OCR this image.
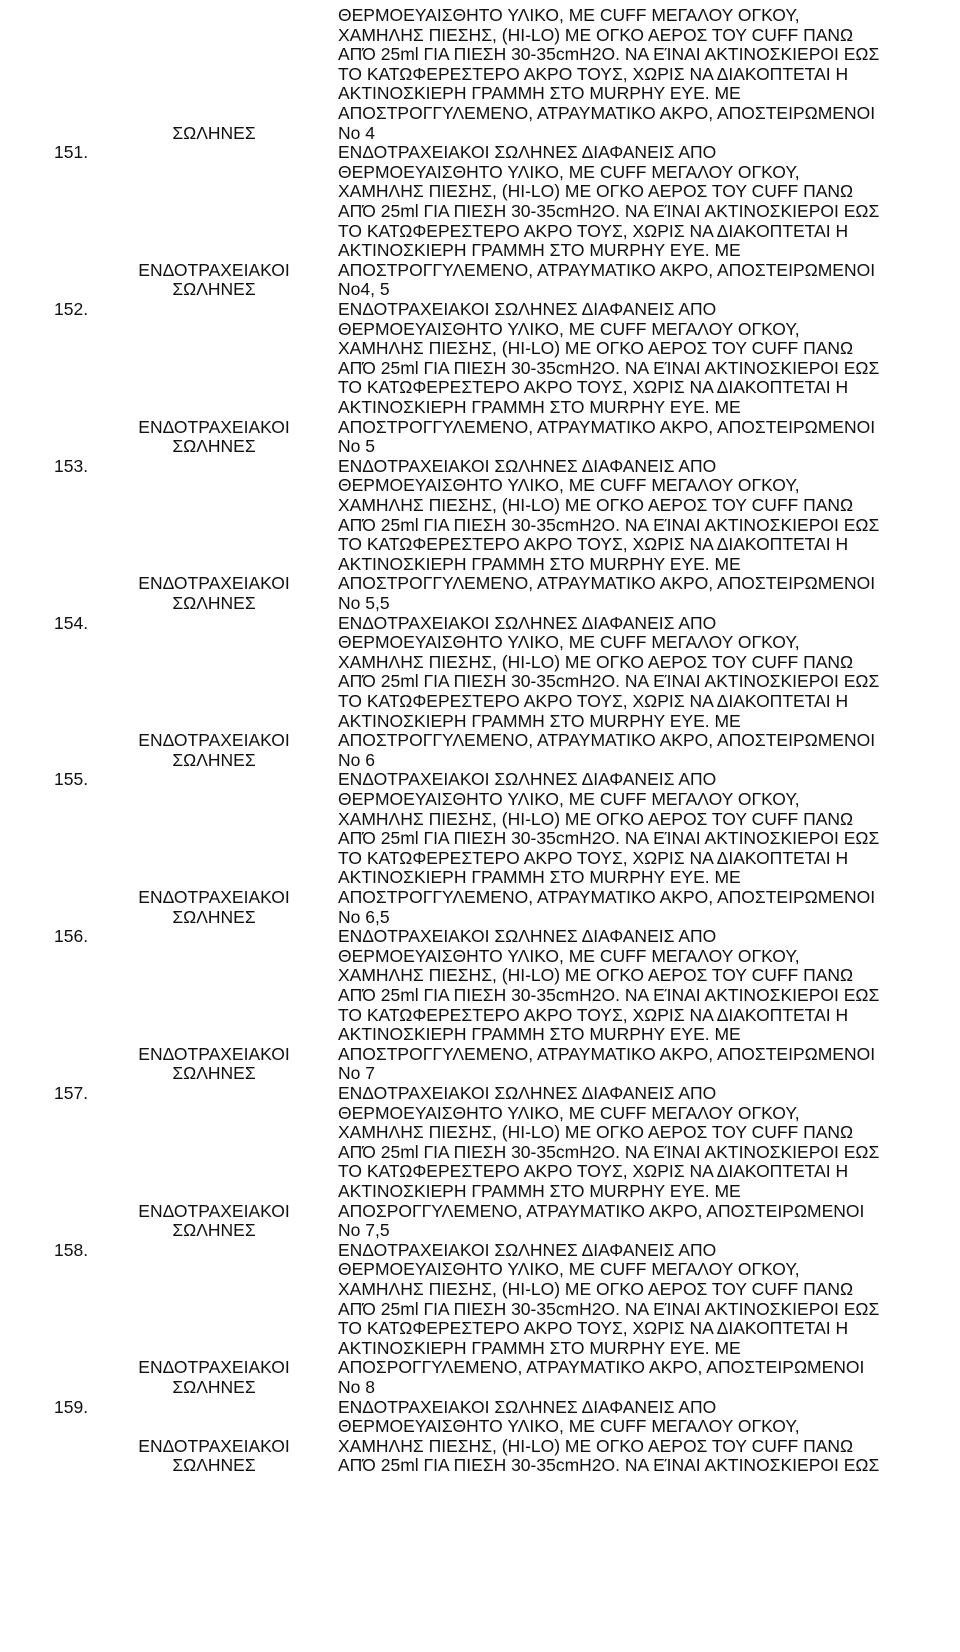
ΣΩΛΗΝΕΣ
ΘΕΡΜΟΕΥΑΙΣΘΗΤΟ ΥΛΙΚΟ, ΜΕ CUFF ΜΕΓΑΛΟΥ ΟΓΚΟΥ,
ΧΑΜΗΛΗΣ ΠΙΕΣΗΣ, (HI-LO) ΜΕ ΟΓΚΟ ΑΕΡΟΣ ΤΟΥ CUFF ΠΑΝΩ
ΑΠΌ 25ml ΓΙΑ ΠΙΕΣΗ 30-35cmH2O. ΝΑ ΕΊΝΑΙ ΑΚΤΙΝΟΣΚΙΕΡΟΙ ΕΩΣ
ΤΟ ΚΑΤΩΦΕΡΕΣΤΕΡΟ ΑΚΡΟ ΤΟΥΣ, ΧΩΡΙΣ ΝΑ ΔΙΑΚΟΠΤΕΤΑΙ Η
ΑΚΤΙΝΟΣΚΙΕΡΗ ΓΡΑΜΜΗ ΣΤΟ MURPHY EYE. ΜΕ
ΑΠΟΣΤΡΟΓΓΥΛΕΜΕΝΟ, ΑΤΡΑΥΜΑΤΙΚΟ ΑΚΡΟ, ΑΠΟΣΤΕΙΡΩΜΕΝΟΙ
Νο 4
151.
ΕΝΔΟΤΡΑΧΕΙΑΚΟΙ
ΣΩΛΗΝΕΣ
ΕΝΔΟΤΡΑΧΕΙΑΚΟΙ ΣΩΛΗΝΕΣ ΔΙΑΦΑΝΕΙΣ ΑΠΟ
ΘΕΡΜΟΕΥΑΙΣΘΗΤΟ ΥΛΙΚΟ, ΜΕ CUFF ΜΕΓΑΛΟΥ ΟΓΚΟΥ,
ΧΑΜΗΛΗΣ ΠΙΕΣΗΣ, (HI-LO) ΜΕ ΟΓΚΟ ΑΕΡΟΣ ΤΟΥ CUFF ΠΑΝΩ
ΑΠΌ 25ml ΓΙΑ ΠΙΕΣΗ 30-35cmH2O. ΝΑ ΕΊΝΑΙ ΑΚΤΙΝΟΣΚΙΕΡΟΙ ΕΩΣ
ΤΟ ΚΑΤΩΦΕΡΕΣΤΕΡΟ ΑΚΡΟ ΤΟΥΣ, ΧΩΡΙΣ ΝΑ ΔΙΑΚΟΠΤΕΤΑΙ Η
ΑΚΤΙΝΟΣΚΙΕΡΗ ΓΡΑΜΜΗ ΣΤΟ MURPHY EYE. ΜΕ
ΑΠΟΣΤΡΟΓΓΥΛΕΜΕΝΟ, ΑΤΡΑΥΜΑΤΙΚΟ ΑΚΡΟ, ΑΠΟΣΤΕΙΡΩΜΕΝΟΙ
Νο4, 5
152.
ΕΝΔΟΤΡΑΧΕΙΑΚΟΙ
ΣΩΛΗΝΕΣ
ΕΝΔΟΤΡΑΧΕΙΑΚΟΙ ΣΩΛΗΝΕΣ ΔΙΑΦΑΝΕΙΣ ΑΠΟ
ΘΕΡΜΟΕΥΑΙΣΘΗΤΟ ΥΛΙΚΟ, ΜΕ CUFF ΜΕΓΑΛΟΥ ΟΓΚΟΥ,
ΧΑΜΗΛΗΣ ΠΙΕΣΗΣ, (HI-LO) ΜΕ ΟΓΚΟ ΑΕΡΟΣ ΤΟΥ CUFF ΠΑΝΩ
ΑΠΌ 25ml ΓΙΑ ΠΙΕΣΗ 30-35cmH2O. ΝΑ ΕΊΝΑΙ ΑΚΤΙΝΟΣΚΙΕΡΟΙ ΕΩΣ
ΤΟ ΚΑΤΩΦΕΡΕΣΤΕΡΟ ΑΚΡΟ ΤΟΥΣ, ΧΩΡΙΣ ΝΑ ΔΙΑΚΟΠΤΕΤΑΙ Η
ΑΚΤΙΝΟΣΚΙΕΡΗ ΓΡΑΜΜΗ ΣΤΟ MURPHY EYE. ΜΕ
ΑΠΟΣΤΡΟΓΓΥΛΕΜΕΝΟ, ΑΤΡΑΥΜΑΤΙΚΟ ΑΚΡΟ, ΑΠΟΣΤΕΙΡΩΜΕΝΟΙ
Νο 5
153.
ΕΝΔΟΤΡΑΧΕΙΑΚΟΙ
ΣΩΛΗΝΕΣ
ΕΝΔΟΤΡΑΧΕΙΑΚΟΙ ΣΩΛΗΝΕΣ ΔΙΑΦΑΝΕΙΣ ΑΠΟ
ΘΕΡΜΟΕΥΑΙΣΘΗΤΟ ΥΛΙΚΟ, ΜΕ CUFF ΜΕΓΑΛΟΥ ΟΓΚΟΥ,
ΧΑΜΗΛΗΣ ΠΙΕΣΗΣ, (HI-LO) ΜΕ ΟΓΚΟ ΑΕΡΟΣ ΤΟΥ CUFF ΠΑΝΩ
ΑΠΌ 25ml ΓΙΑ ΠΙΕΣΗ 30-35cmH2O. ΝΑ ΕΊΝΑΙ ΑΚΤΙΝΟΣΚΙΕΡΟΙ ΕΩΣ
ΤΟ ΚΑΤΩΦΕΡΕΣΤΕΡΟ ΑΚΡΟ ΤΟΥΣ, ΧΩΡΙΣ ΝΑ ΔΙΑΚΟΠΤΕΤΑΙ Η
ΑΚΤΙΝΟΣΚΙΕΡΗ ΓΡΑΜΜΗ ΣΤΟ MURPHY EYE. ΜΕ
ΑΠΟΣΤΡΟΓΓΥΛΕΜΕΝΟ, ΑΤΡΑΥΜΑΤΙΚΟ ΑΚΡΟ, ΑΠΟΣΤΕΙΡΩΜΕΝΟΙ
Νο 5,5
154.
ΕΝΔΟΤΡΑΧΕΙΑΚΟΙ
ΣΩΛΗΝΕΣ
ΕΝΔΟΤΡΑΧΕΙΑΚΟΙ ΣΩΛΗΝΕΣ ΔΙΑΦΑΝΕΙΣ ΑΠΟ
ΘΕΡΜΟΕΥΑΙΣΘΗΤΟ ΥΛΙΚΟ, ΜΕ CUFF ΜΕΓΑΛΟΥ ΟΓΚΟΥ,
ΧΑΜΗΛΗΣ ΠΙΕΣΗΣ, (HI-LO) ΜΕ ΟΓΚΟ ΑΕΡΟΣ ΤΟΥ CUFF ΠΑΝΩ
ΑΠΌ 25ml ΓΙΑ ΠΙΕΣΗ 30-35cmH2O. ΝΑ ΕΊΝΑΙ ΑΚΤΙΝΟΣΚΙΕΡΟΙ ΕΩΣ
ΤΟ ΚΑΤΩΦΕΡΕΣΤΕΡΟ ΑΚΡΟ ΤΟΥΣ, ΧΩΡΙΣ ΝΑ ΔΙΑΚΟΠΤΕΤΑΙ Η
ΑΚΤΙΝΟΣΚΙΕΡΗ ΓΡΑΜΜΗ ΣΤΟ MURPHY EYE. ΜΕ
ΑΠΟΣΤΡΟΓΓΥΛΕΜΕΝΟ, ΑΤΡΑΥΜΑΤΙΚΟ ΑΚΡΟ, ΑΠΟΣΤΕΙΡΩΜΕΝΟΙ
Νο 6
155.
ΕΝΔΟΤΡΑΧΕΙΑΚΟΙ
ΣΩΛΗΝΕΣ
ΕΝΔΟΤΡΑΧΕΙΑΚΟΙ ΣΩΛΗΝΕΣ ΔΙΑΦΑΝΕΙΣ ΑΠΟ
ΘΕΡΜΟΕΥΑΙΣΘΗΤΟ ΥΛΙΚΟ, ΜΕ CUFF ΜΕΓΑΛΟΥ ΟΓΚΟΥ,
ΧΑΜΗΛΗΣ ΠΙΕΣΗΣ, (HI-LO) ΜΕ ΟΓΚΟ ΑΕΡΟΣ ΤΟΥ CUFF ΠΑΝΩ
ΑΠΌ 25ml ΓΙΑ ΠΙΕΣΗ 30-35cmH2O. ΝΑ ΕΊΝΑΙ ΑΚΤΙΝΟΣΚΙΕΡΟΙ ΕΩΣ
ΤΟ ΚΑΤΩΦΕΡΕΣΤΕΡΟ ΑΚΡΟ ΤΟΥΣ, ΧΩΡΙΣ ΝΑ ΔΙΑΚΟΠΤΕΤΑΙ Η
ΑΚΤΙΝΟΣΚΙΕΡΗ ΓΡΑΜΜΗ ΣΤΟ MURPHY EYE. ΜΕ
ΑΠΟΣΤΡΟΓΓΥΛΕΜΕΝΟ, ΑΤΡΑΥΜΑΤΙΚΟ ΑΚΡΟ, ΑΠΟΣΤΕΙΡΩΜΕΝΟΙ
Νο 6,5
156.
ΕΝΔΟΤΡΑΧΕΙΑΚΟΙ
ΣΩΛΗΝΕΣ
ΕΝΔΟΤΡΑΧΕΙΑΚΟΙ ΣΩΛΗΝΕΣ ΔΙΑΦΑΝΕΙΣ ΑΠΟ
ΘΕΡΜΟΕΥΑΙΣΘΗΤΟ ΥΛΙΚΟ, ΜΕ CUFF ΜΕΓΑΛΟΥ ΟΓΚΟΥ,
ΧΑΜΗΛΗΣ ΠΙΕΣΗΣ, (HI-LO) ΜΕ ΟΓΚΟ ΑΕΡΟΣ ΤΟΥ CUFF ΠΑΝΩ
ΑΠΌ 25ml ΓΙΑ ΠΙΕΣΗ 30-35cmH2O. ΝΑ ΕΊΝΑΙ ΑΚΤΙΝΟΣΚΙΕΡΟΙ ΕΩΣ
ΤΟ ΚΑΤΩΦΕΡΕΣΤΕΡΟ ΑΚΡΟ ΤΟΥΣ, ΧΩΡΙΣ ΝΑ ΔΙΑΚΟΠΤΕΤΑΙ Η
ΑΚΤΙΝΟΣΚΙΕΡΗ ΓΡΑΜΜΗ ΣΤΟ MURPHY EYE. ΜΕ
ΑΠΟΣΤΡΟΓΓΥΛΕΜΕΝΟ, ΑΤΡΑΥΜΑΤΙΚΟ ΑΚΡΟ, ΑΠΟΣΤΕΙΡΩΜΕΝΟΙ
Νο 7
157.
ΕΝΔΟΤΡΑΧΕΙΑΚΟΙ
ΣΩΛΗΝΕΣ
ΕΝΔΟΤΡΑΧΕΙΑΚΟΙ ΣΩΛΗΝΕΣ ΔΙΑΦΑΝΕΙΣ ΑΠΟ
ΘΕΡΜΟΕΥΑΙΣΘΗΤΟ ΥΛΙΚΟ, ΜΕ CUFF ΜΕΓΑΛΟΥ ΟΓΚΟΥ,
ΧΑΜΗΛΗΣ ΠΙΕΣΗΣ, (HI-LO) ΜΕ ΟΓΚΟ ΑΕΡΟΣ ΤΟΥ CUFF ΠΑΝΩ
ΑΠΌ 25ml ΓΙΑ ΠΙΕΣΗ 30-35cmH2O. ΝΑ ΕΊΝΑΙ ΑΚΤΙΝΟΣΚΙΕΡΟΙ ΕΩΣ
ΤΟ ΚΑΤΩΦΕΡΕΣΤΕΡΟ ΑΚΡΟ ΤΟΥΣ, ΧΩΡΙΣ ΝΑ ΔΙΑΚΟΠΤΕΤΑΙ Η
ΑΚΤΙΝΟΣΚΙΕΡΗ ΓΡΑΜΜΗ ΣΤΟ MURPHY EYE. ΜΕ
ΑΠΟΣΡΟΓΓΥΛΕΜΕΝΟ, ΑΤΡΑΥΜΑΤΙΚΟ ΑΚΡΟ, ΑΠΟΣΤΕΙΡΩΜΕΝΟΙ
Νο 7,5
158.
ΕΝΔΟΤΡΑΧΕΙΑΚΟΙ
ΣΩΛΗΝΕΣ
ΕΝΔΟΤΡΑΧΕΙΑΚΟΙ ΣΩΛΗΝΕΣ ΔΙΑΦΑΝΕΙΣ ΑΠΟ
ΘΕΡΜΟΕΥΑΙΣΘΗΤΟ ΥΛΙΚΟ, ΜΕ CUFF ΜΕΓΑΛΟΥ ΟΓΚΟΥ,
ΧΑΜΗΛΗΣ ΠΙΕΣΗΣ, (HI-LO) ΜΕ ΟΓΚΟ ΑΕΡΟΣ ΤΟΥ CUFF ΠΑΝΩ
ΑΠΌ 25ml ΓΙΑ ΠΙΕΣΗ 30-35cmH2O. ΝΑ ΕΊΝΑΙ ΑΚΤΙΝΟΣΚΙΕΡΟΙ ΕΩΣ
ΤΟ ΚΑΤΩΦΕΡΕΣΤΕΡΟ ΑΚΡΟ ΤΟΥΣ, ΧΩΡΙΣ ΝΑ ΔΙΑΚΟΠΤΕΤΑΙ Η
ΑΚΤΙΝΟΣΚΙΕΡΗ ΓΡΑΜΜΗ ΣΤΟ MURPHY EYE. ΜΕ
ΑΠΟΣΡΟΓΓΥΛΕΜΕΝΟ, ΑΤΡΑΥΜΑΤΙΚΟ ΑΚΡΟ, ΑΠΟΣΤΕΙΡΩΜΕΝΟΙ
Νο 8
159.
ΕΝΔΟΤΡΑΧΕΙΑΚΟΙ
ΣΩΛΗΝΕΣ
ΕΝΔΟΤΡΑΧΕΙΑΚΟΙ ΣΩΛΗΝΕΣ ΔΙΑΦΑΝΕΙΣ ΑΠΟ
ΘΕΡΜΟΕΥΑΙΣΘΗΤΟ ΥΛΙΚΟ, ΜΕ CUFF ΜΕΓΑΛΟΥ ΟΓΚΟΥ,
ΧΑΜΗΛΗΣ ΠΙΕΣΗΣ, (HI-LO) ΜΕ ΟΓΚΟ ΑΕΡΟΣ ΤΟΥ CUFF ΠΑΝΩ
ΑΠΌ 25ml ΓΙΑ ΠΙΕΣΗ 30-35cmH2O. ΝΑ ΕΊΝΑΙ ΑΚΤΙΝΟΣΚΙΕΡΟΙ ΕΩΣ
